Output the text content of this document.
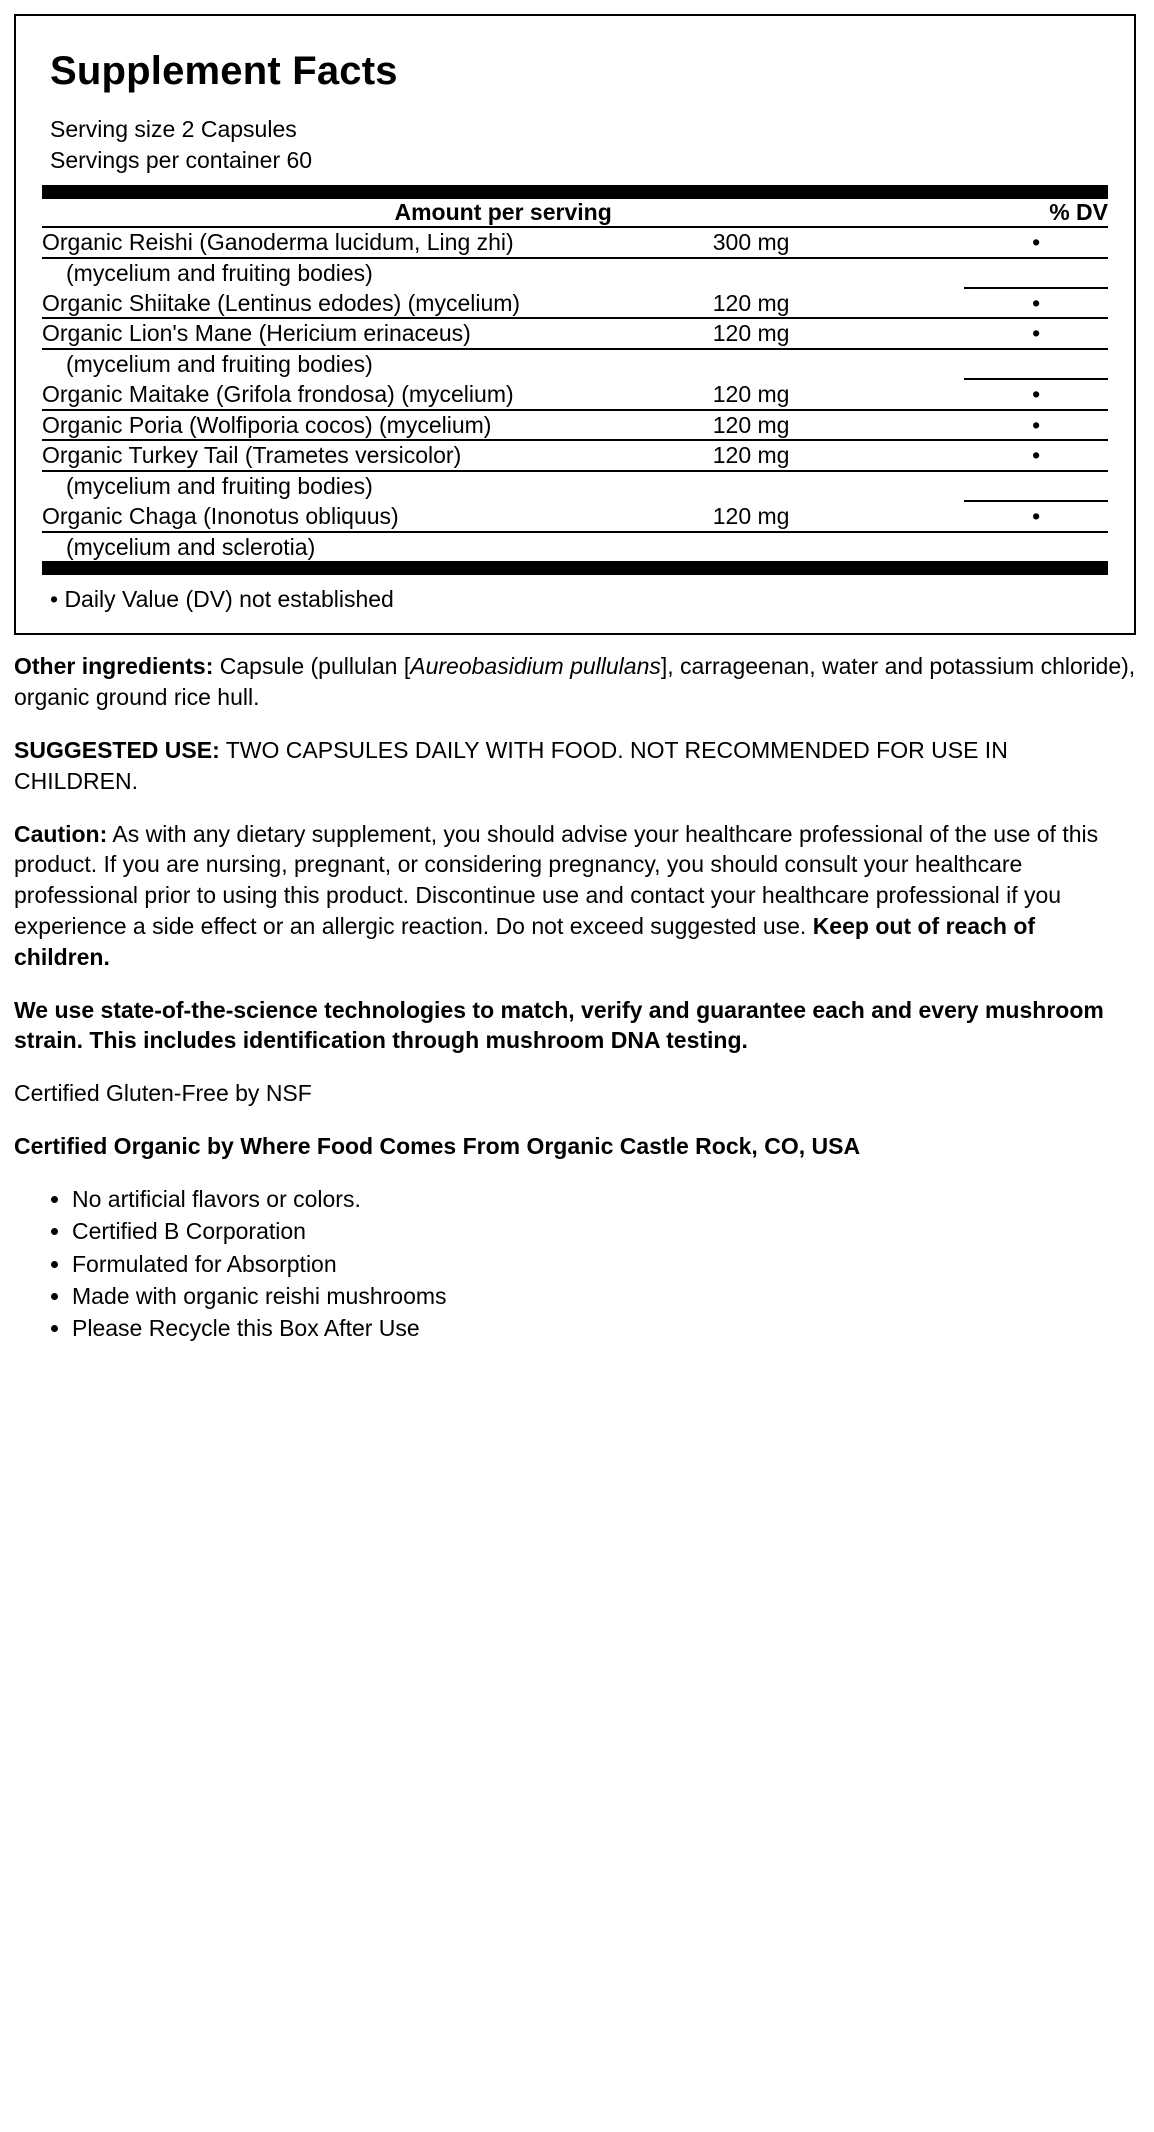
Supplement Facts
Serving size 2 Capsules
Servings per container 60
Amount per serving		% DV
Organic Reishi (Ganoderma lucidum, Ling zhi)	300 mg	•
(mycelium and fruiting bodies)		
Organic Shiitake (Lentinus edodes) (mycelium)	120 mg	•
Organic Lion's Mane (Hericium erinaceus)	120 mg	•
(mycelium and fruiting bodies)		
Organic Maitake (Grifola frondosa) (mycelium)	120 mg	•
Organic Poria (Wolfiporia cocos) (mycelium)	120 mg	•
Organic Turkey Tail (Trametes versicolor)	120 mg	•
(mycelium and fruiting bodies)		
Organic Chaga (Inonotus obliquus)	120 mg	•
(mycelium and sclerotia)		
• Daily Value (DV) not established

Other ingredients: Capsule (pullulan [Aureobasidium pullulans], carrageenan, water and potassium chloride), organic ground rice hull.

SUGGESTED USE: TWO CAPSULES DAILY WITH FOOD. NOT RECOMMENDED FOR USE IN CHILDREN.

Caution: As with any dietary supplement, you should advise your healthcare professional of the use of this product. If you are nursing, pregnant, or considering pregnancy, you should consult your healthcare professional prior to using this product. Discontinue use and contact your healthcare professional if you experience a side effect or an allergic reaction. Do not exceed suggested use. Keep out of reach of children.

We use state-of-the-science technologies to match, verify and guarantee each and every mushroom strain. This includes identification through mushroom DNA testing.

Certified Gluten-Free by NSF

Certified Organic by Where Food Comes From Organic Castle Rock, CO, USA

• No artificial flavors or colors.
• Certified B Corporation
• Formulated for Absorption
• Made with organic reishi mushrooms
• Please Recycle this Box After Use
